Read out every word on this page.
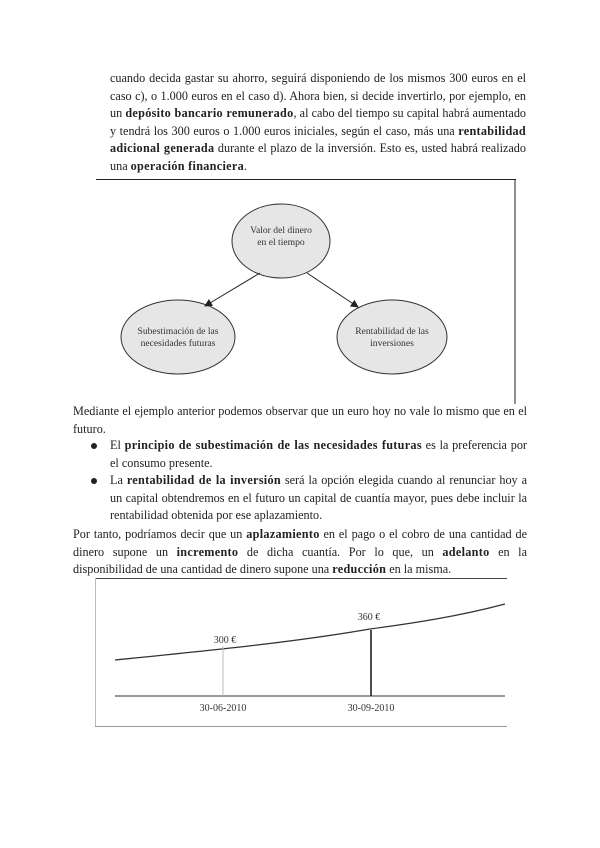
cuando decida gastar su ahorro, seguirá disponiendo de los mismos 300 euros en el caso c), o 1.000 euros en el caso d). Ahora bien, si decide invertirlo, por ejemplo, en un depósito bancario remunerado, al cabo del tiempo su capital habrá aumentado y tendrá los 300 euros o 1.000 euros iniciales, según el caso, más una rentabilidad adicional generada durante el plazo de la inversión. Esto es, usted habrá realizado una operación financiera.

Valor del dinero
en el tiempo
Subestimación de las
necesidades futuras
Rentabilidad de las
inversiones

Mediante el ejemplo anterior podemos observar que un euro hoy no vale lo mismo que en el futuro.

El principio de subestimación de las necesidades futuras es la preferencia por el consumo presente.
La rentabilidad de la inversión será la opción elegida cuando al renunciar hoy a un capital obtendremos en el futuro un capital de cuantía mayor, pues debe incluir la rentabilidad obtenida por ese aplazamiento.

Por tanto, podríamos decir que un aplazamiento en el pago o el cobro de una cantidad de dinero supone un incremento de dicha cuantía. Por lo que, un adelanto en la disponibilidad de una cantidad de dinero supone una reducción en la misma.

300 €
360 €
30-06-2010	30-09-2010
